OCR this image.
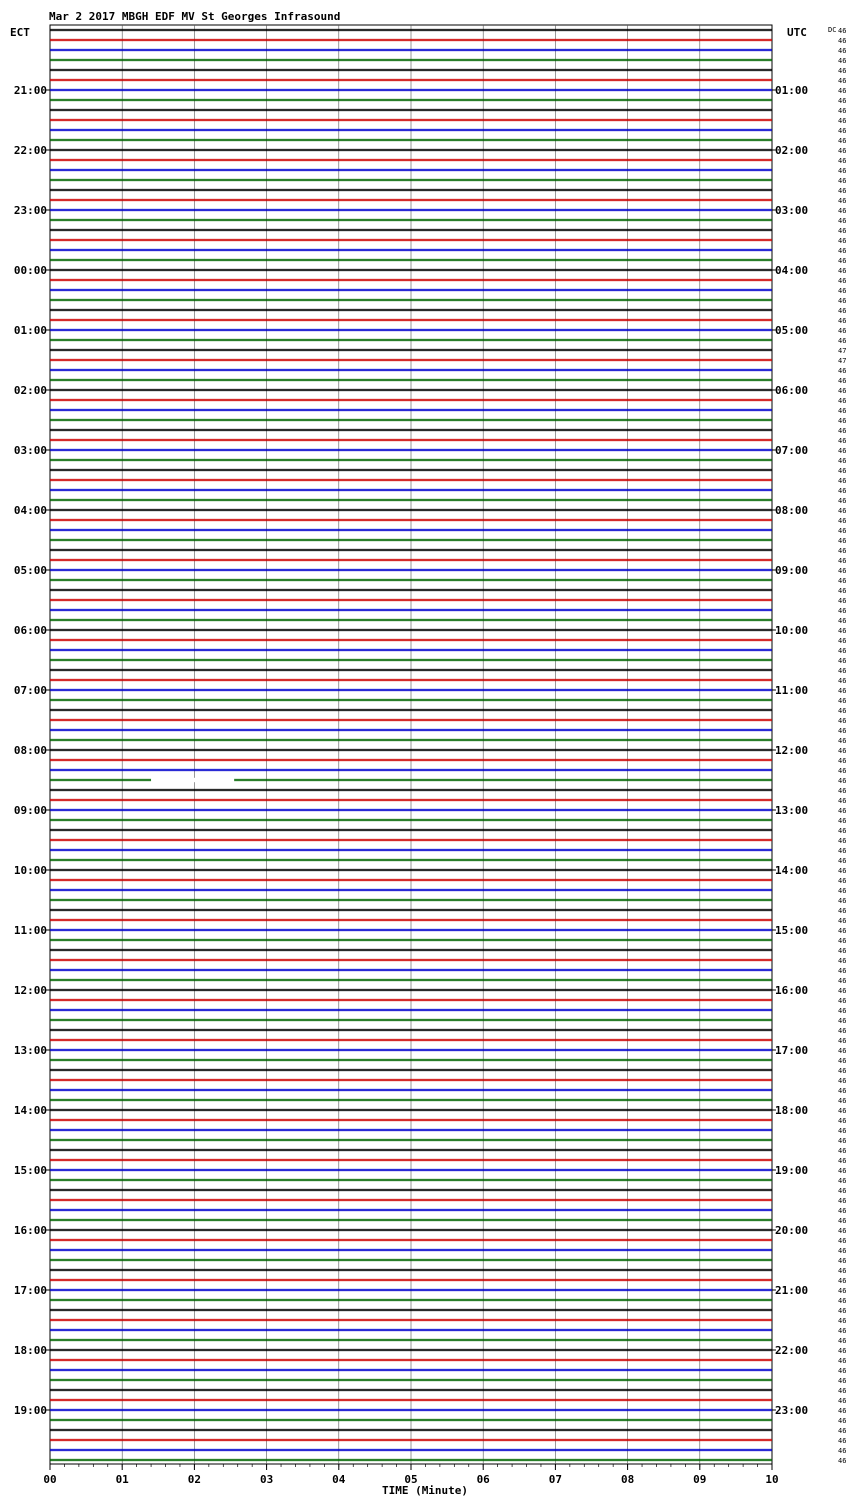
Mar 2 2017 MBGH EDF MV St Georges Infrasound
ECT	UTC	DC
21:00
22:00
23:00
00:00
01:00
02:00
03:00
04:00
05:00
06:00
07:00
08:00
09:00
10:00
11:00
12:00
13:00
14:00
15:00
16:00
17:00
18:00
19:00
01:00
02:00
03:00
04:00
05:00
06:00
07:00
08:00
09:00
10:00
11:00
12:00
13:00
14:00
15:00
16:00
17:00
18:00
19:00
20:00
21:00
22:00
23:00
46
46
46
46
46
46
46
46
46
46
46
46
46
46
46
46
46
46
46
46
46
46
46
46
46
46
46
46
46
46
46
46
47
47
46
46
46
46
46
46
46
46
46
46
46
46
46
46
46
46
46
46
46
46
46
46
46
46
46
46
46
46
46
46
46
46
46
46
46
46
46
46
46
46
46
46
46
46
46
46
46
46
46
46
46
46
46
46
46
46
46
46
46
46
46
46
46
46
46
46
46
46
46
46
46
46
46
46
46
46
46
46
46
46
46
46
46
46
46
46
46
46
46
46
46
46
46
46
46
46
46
46
46
46
46
46
46
46
46
46
46
46
46
46
00	01	02	03	04	05	06	07	08	09	10
TIME (Minute)
